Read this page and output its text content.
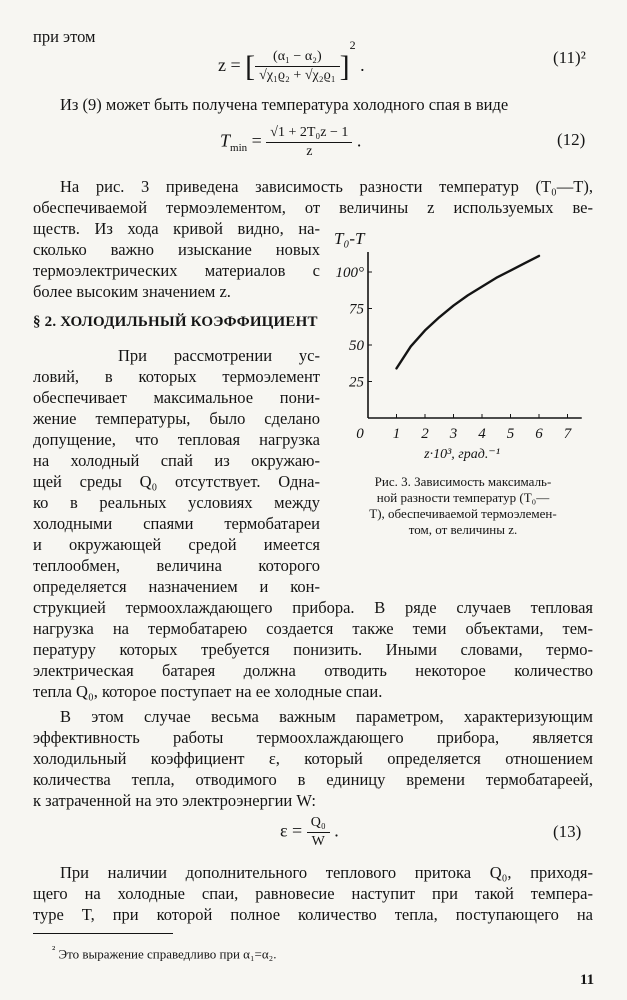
при этом
z = [ $\frac{\text{(α₁ − α₂)}}{\text{√χ₁ϱ₂ + √χ₂ϱ₁}} ]^2$ .	(11)²
Из (9) может быть получена температура холодного спая в виде
$T_{min} = \frac{\text{√1 + 2T₀z − 1}}{z}$ .	(12)
На рис. 3 приведена зависимость разности температур (T₀—T),
обеспечиваемой термоэлементом, от величины z используемых ве-
ществ. Из хода кривой видно, на-
сколько важно изыскание новых
термоэлектрических материалов с
более высоким значением z.
§ 2. ХОЛОДИЛЬНЫЙ КОЭФФИЦИЕНТ
При рассмотрении ус-
ловий, в которых термоэлемент
обеспечивает максимальное пони-
жение температуры, было сделано
допущение, что тепловая нагрузка
на холодный спай из окружаю-
щей среды Q₀ отсутствует. Одна-
ко в реальных условиях между
холодными спаями термобатареи
и окружающей средой имеется
теплообмен, величина которого
определяется назначением и кон-
струкцией термоохлаждающего прибора. В ряде случаев тепловая
нагрузка на термобатарею создается также теми объектами, тем-
пературу которых требуется понизить. Иными словами, термо-
электрическая батарея должна отводить некоторое количество
тепла Q₀, которое поступает на ее холодные спаи.
В этом случае весьма важным параметром, характеризующим
эффективность работы термоохлаждающего прибора, является
холодильный коэффициент ε, который определяется отношением
количества тепла, отводимого в единицу времени термобатареей,
к затраченной на это электроэнергии W:
$\varepsilon = \frac{\text{Q₀}}{W}$ .	(13)
При наличии дополнительного теплового притока Q₀, приходя-
щего на холодные спаи, равновесие наступит при такой темпера-
туре T, при которой полное количество тепла, поступающего на
$^{^2}$ Это выражение справедливо при α₁=α₂.
11
0 1 2 3 4 5 6 7
25
50
75
100°
T₀-T
z·10³, град.⁻¹
Рис. 3. Зависимость максималь-
ной разности температур (T₀—
T), обеспечиваемой термоэлемен-
том, от величины z.
